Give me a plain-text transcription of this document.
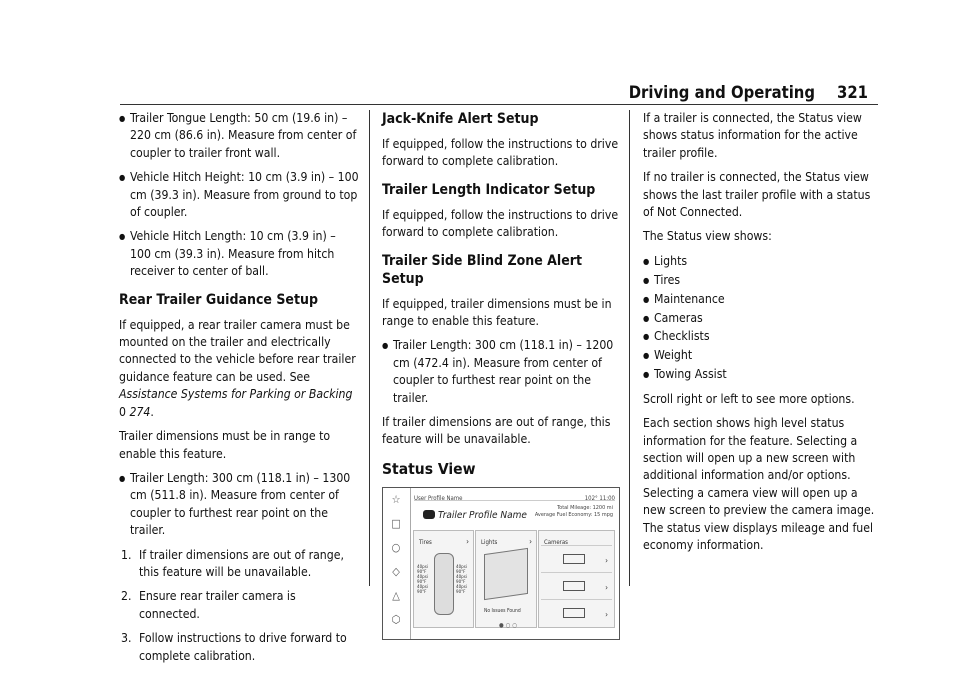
Driving and Operating 321
● Trailer Tongue Length: 50 cm (19.6 in) – 220 cm (86.6 in). Measure from center of coupler to trailer front wall.
● Vehicle Hitch Height: 10 cm (3.9 in) – 100 cm (39.3 in). Measure from ground to top of coupler.
● Vehicle Hitch Length: 10 cm (3.9 in) – 100 cm (39.3 in). Measure from hitch receiver to center of ball.
Rear Trailer Guidance Setup

If equipped, a rear trailer camera must be mounted on the trailer and electrically connected to the vehicle before rear trailer guidance feature can be used. See Assistance Systems for Parking or Backing 0 274.

Trailer dimensions must be in range to enable this feature.

● Trailer Length: 300 cm (118.1 in) – 1300 cm (511.8 in). Measure from center of coupler to furthest rear point on the trailer.
1. If trailer dimensions are out of range, this feature will be unavailable.
2. Ensure rear trailer camera is connected.
3. Follow instructions to drive forward to complete calibration.
Jack-Knife Alert Setup

If equipped, follow the instructions to drive forward to complete calibration.

Trailer Length Indicator Setup

If equipped, follow the instructions to drive forward to complete calibration.

Trailer Side Blind Zone Alert Setup

If equipped, trailer dimensions must be in range to enable this feature.

● Trailer Length: 300 cm (118.1 in) – 1200 cm (472.4 in). Measure from center of coupler to furthest rear point on the trailer.

If trailer dimensions are out of range, this feature will be unavailable.

Status View
☆
□
○
◇
△
⬡
User Profile Name	102° 11:00
Trailer Profile Name
Total Mileage: 1200 mi
Average Fuel Economy: 15 mpg
Tires	›
40psi
90°F
40psi
90°F
40psi
90°F
40psi
90°F
40psi
90°F
40psi
90°F
Lights	›
No Issues Found
Cameras
›
›
›
●○○

If a trailer is connected, the Status view shows status information for the active trailer profile.

If no trailer is connected, the Status view shows the last trailer profile with a status of Not Connected.

The Status view shows:

● Lights
● Tires
● Maintenance
● Cameras
● Checklists
● Weight
● Towing Assist

Scroll right or left to see more options.

Each section shows high level status information for the feature. Selecting a section will open up a new screen with additional information and/or options. Selecting a camera view will open up a new screen to preview the camera image. The status view displays mileage and fuel economy information.
